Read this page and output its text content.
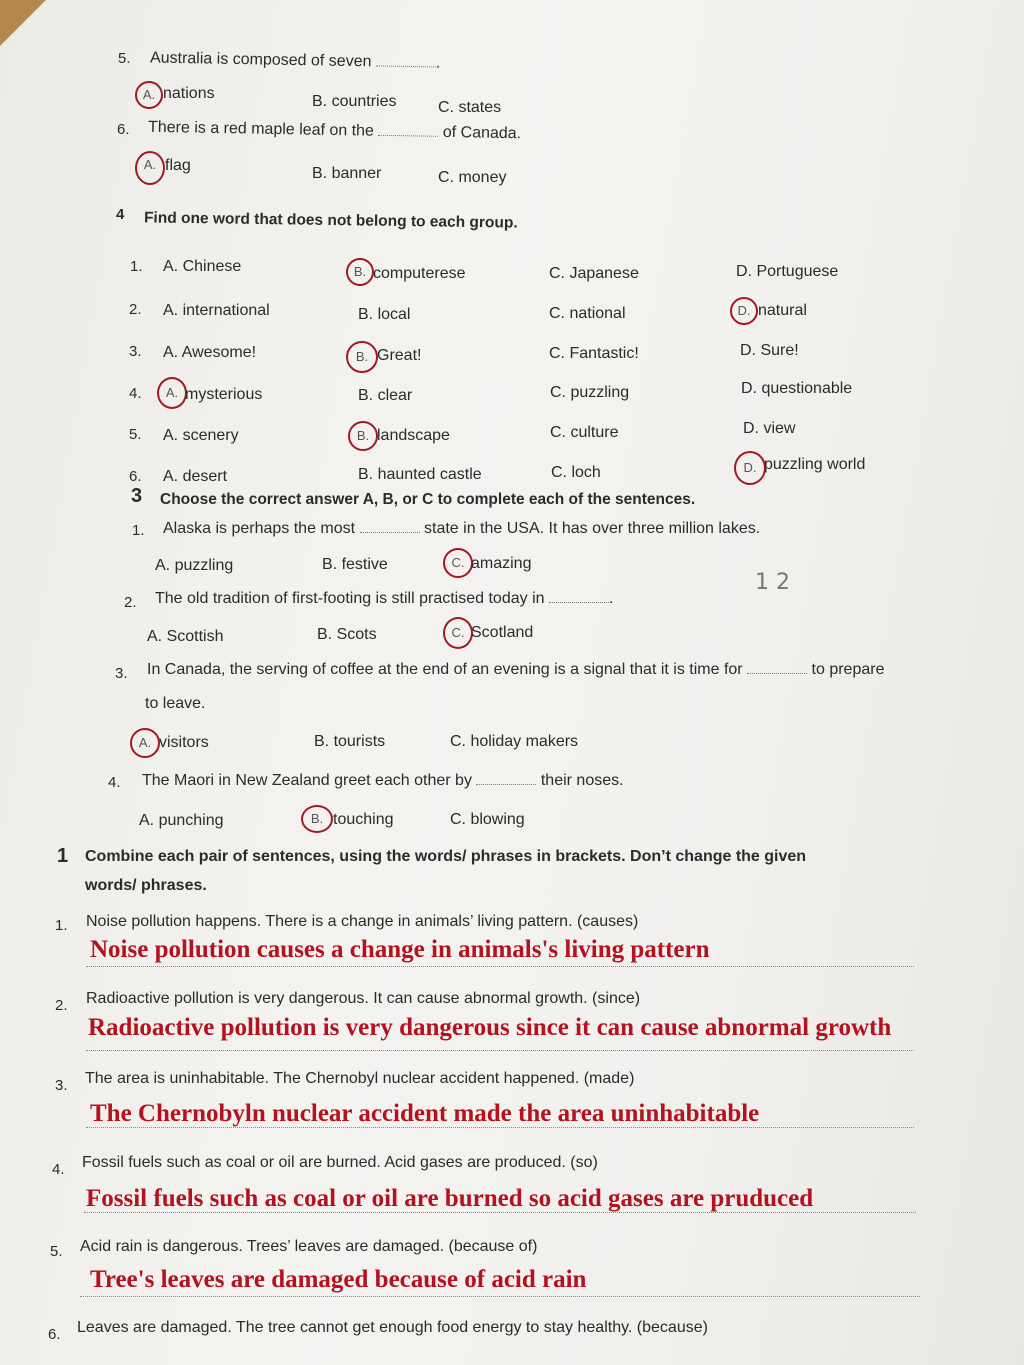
5. Australia is composed of seven	.
A. nations	B. countries	C. states
6. There is a red maple leaf on the	of Canada.
A. flag	B. banner	C. money
4 Find one word that does not belong to each group.
1. A. Chinese	B. computerese	C. Japanese	D. Portuguese
2. A. international	B. local	C. national	D. natural
3. A. Awesome!	B. Great!	C. Fantastic!	D. Sure!
4.	A. mysterious	B. clear	C. puzzling	D. questionable
5. A. scenery	B. landscape	C. culture	D. view
6. A. desert	B. haunted castle	C. loch	D. puzzling world
3 Choose the correct answer A, B, or C to complete each of the sentences.
1. Alaska is perhaps the most	state in the USA. It has over three million lakes.
A. puzzling	B. festive	C. amazing
1 2
2. The old tradition of first-footing is still practised today in	.
A. Scottish	B. Scots	C. Scotland
3. In Canada, the serving of coffee at the end of an evening is a signal that it is time for	to prepare
to leave.
A. visitors	B. tourists	C. holiday makers
4. The Maori in New Zealand greet each other by	their noses.
A. punching	B. touching	C. blowing
1 Combine each pair of sentences, using the words/ phrases in brackets. Don’t change the given
words/ phrases.
1. Noise pollution happens. There is a change in animals’ living pattern. (causes)
Noise pollution causes a change in animals's living pattern
2. Radioactive pollution is very dangerous. It can cause abnormal growth. (since)
Radioactive pollution is very dangerous since it can cause abnormal growth
3. The area is uninhabitable. The Chernobyl nuclear accident happened. (made)
The Chernobyln nuclear accident made the area uninhabitable
4. Fossil fuels such as coal or oil are burned. Acid gases are produced. (so)
Fossil fuels such as coal or oil are burned so acid gases are pruduced
5. Acid rain is dangerous. Trees’ leaves are damaged. (because of)
Tree's leaves are damaged because of acid rain
6. Leaves are damaged. The tree cannot get enough food energy to stay healthy. (because)
